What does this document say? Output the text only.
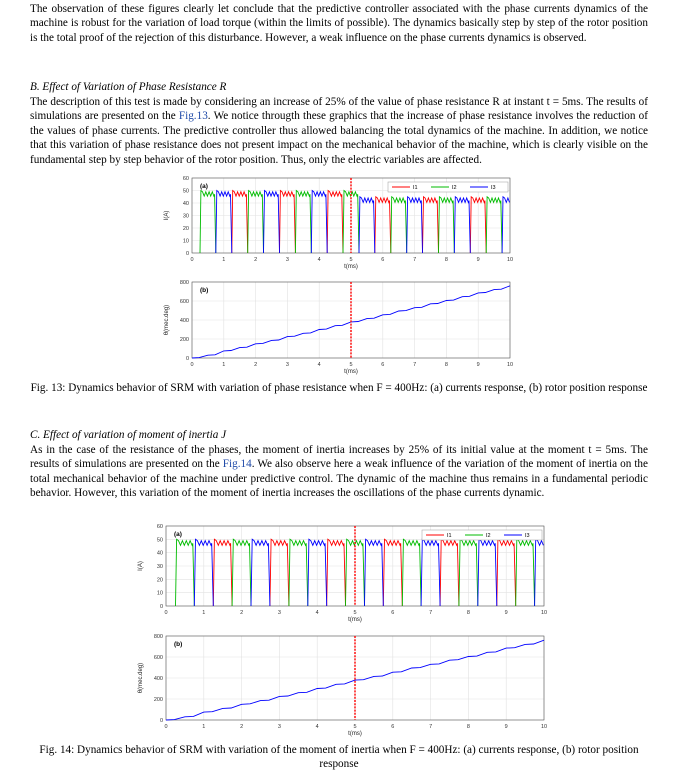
The observation of these figures clearly let conclude that the predictive controller associated with the phase currents dynamics of the machine is robust for the variation of load torque (within the limits of possible). The dynamics basically step by step of the rotor position is the total proof of the rejection of this disturbance. However, a weak influence on the phase currents dynamics is observed.

B. Effect of Variation of Phase Resistance R

The description of this test is made by considering an increase of 25% of the value of phase resistance R at instant t = 5ms. The results of simulations are presented on the Fig.13. We notice througth these graphics that the increase of phase resistance involves the reduction of the values of phase currents. The predictive controller thus allowed balancing the total dynamics of the machine. In addition, we notice that this variation of phase resistance does not present impact on the mechanical behavior of the machine, which is clearly visible on the fundamental step by step behavior of the rotor position. Thus, only the electric variables are affected.

0	1	2	3	4	5	6	7	8	9	10
0
10
20
30
40
50
60
t(ms)
I(A)
(a)	I1	I2	I3
0	1	2	3	4	5	6	7	8	9	10
0
200
400
600
800
t(ms)
θ(mec.deg)
(b)

Fig. 13: Dynamics behavior of SRM with variation of phase resistance when F = 400Hz: (a) currents response, (b) rotor position response

C. Effect of variation of moment of inertia J

As in the case of the resistance of the phases, the moment of inertia increases by 25% of its initial value at the moment t = 5ms. The results of simulations are presented on the Fig.14. We also observe here a weak influence of the variation of the moment of inertia on the total mechanical behavior of the machine under predictive control. The dynamic of the machine thus remains in a fundamental periodic behavior. However, this variation of the moment of inertia increases the oscillations of the phase currents dynamic.

0	1	2	3	4	5	6	7	8	9	10
0
10
20
30
40
50
60
t(ms)
I(A)
(a)	I1	I2	I3
0	1	2	3	4	5	6	7	8	9	10
0
200
400
600
800
t(ms)
θ(mec.deg)
(b)

Fig. 14: Dynamics behavior of SRM with variation of the moment of inertia when F = 400Hz: (a) currents response, (b) rotor position response
